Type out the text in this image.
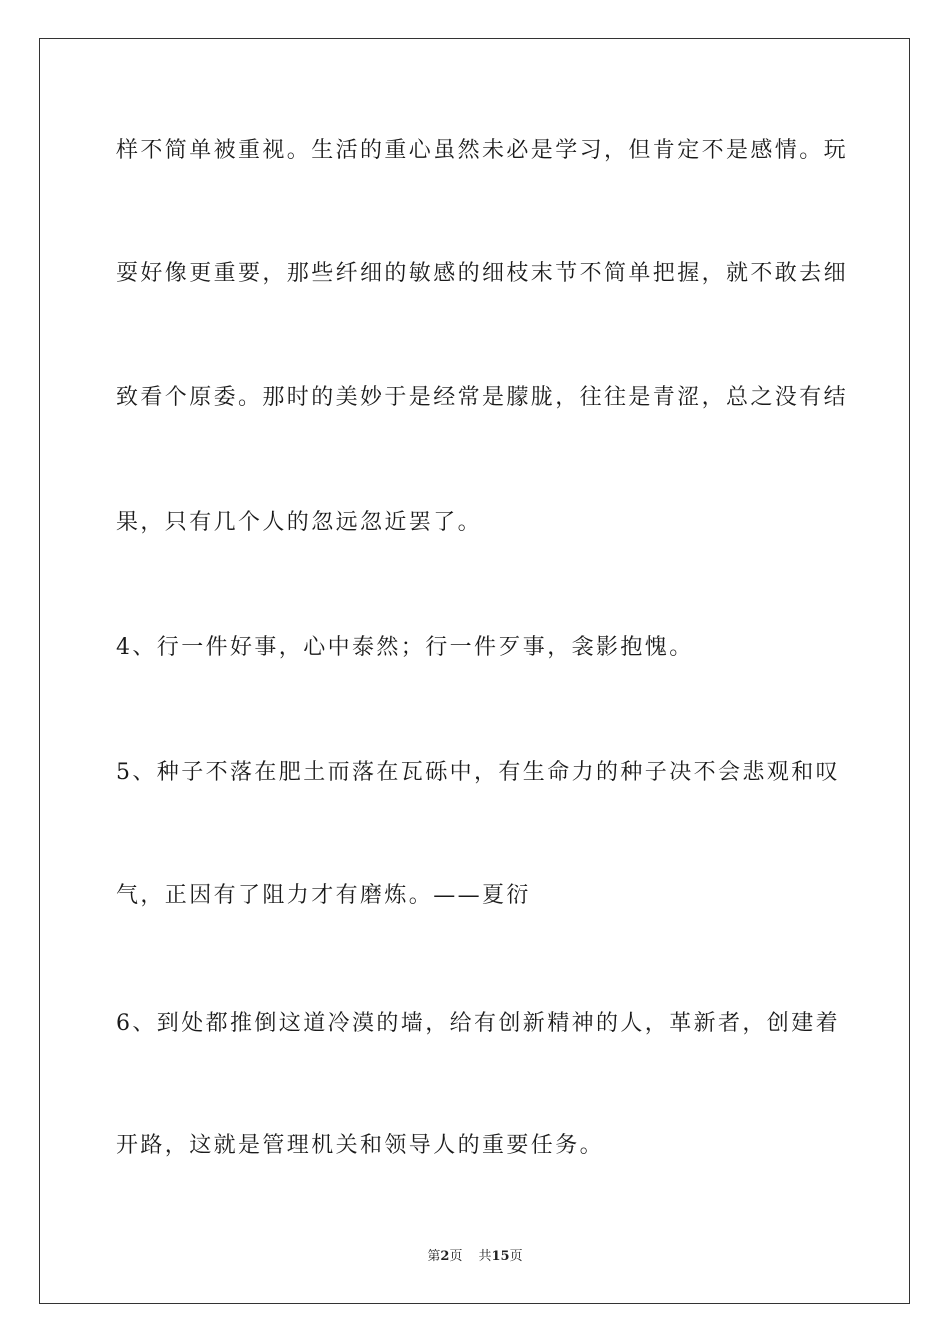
样不简单被重视。生活的重心虽然未必是学习，但肯定不是感情。玩
耍好像更重要，那些纤细的敏感的细枝末节不简单把握，就不敢去细
致看个原委。那时的美妙于是经常是朦胧，往往是青涩，总之没有结
果，只有几个人的忽远忽近罢了。
4、行一件好事，心中泰然；行一件歹事，衾影抱愧。
5、种子不落在肥土而落在瓦砾中，有生命力的种子决不会悲观和叹
气，正因有了阻力才有磨炼。——夏衍
6、到处都推倒这道冷漠的墙，给有创新精神的人，革新者，创建着
开路，这就是管理机关和领导人的重要任务。
第2页 共15页
